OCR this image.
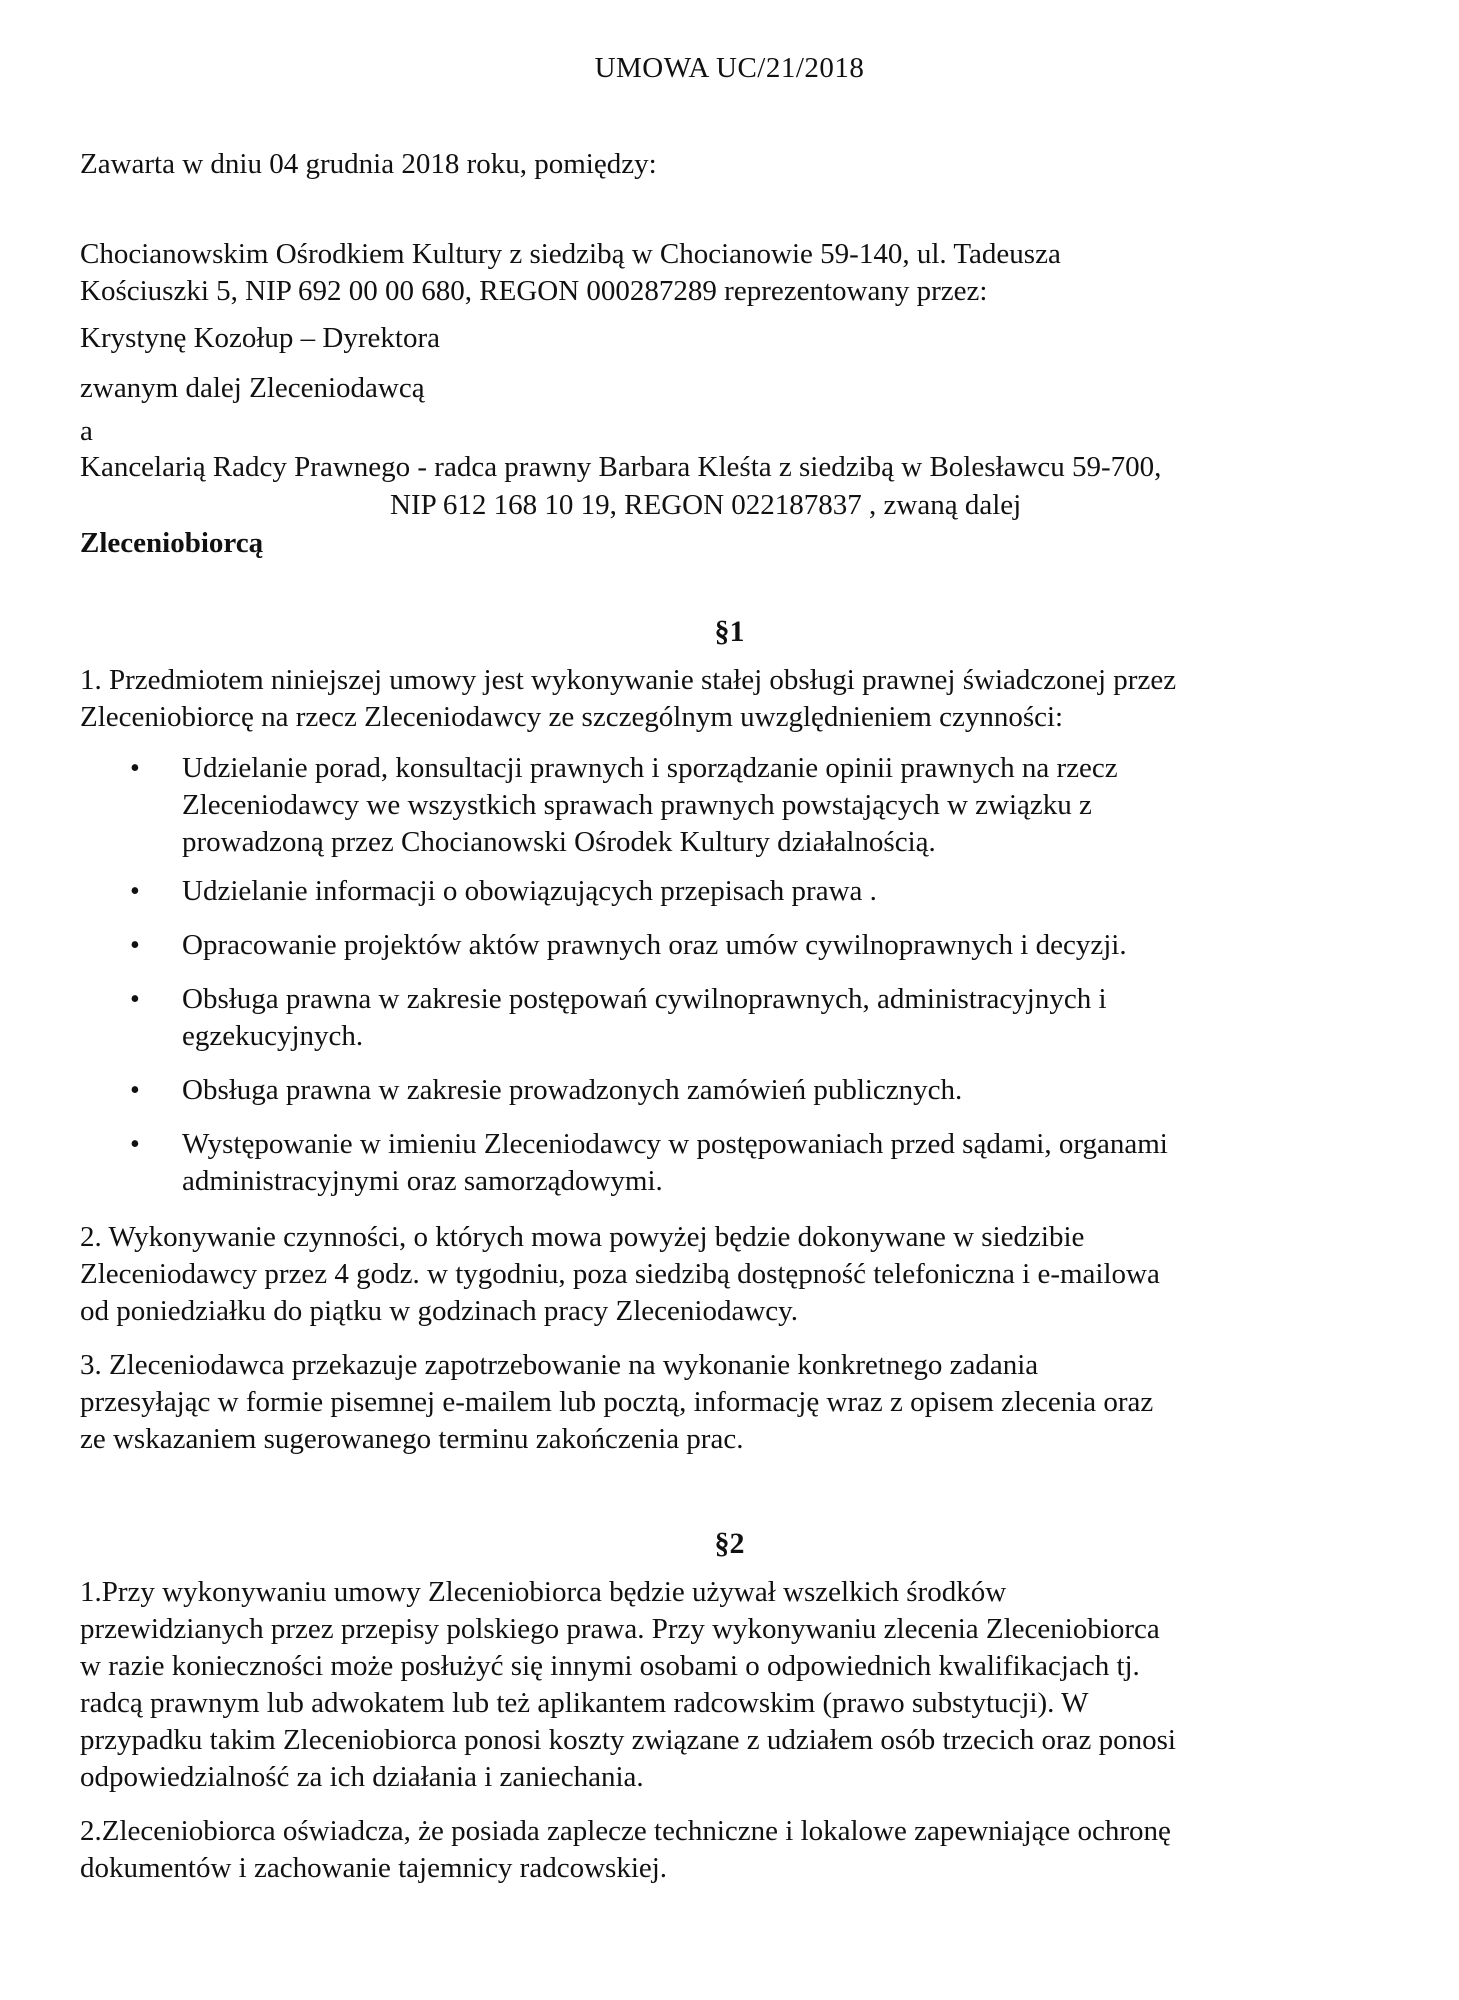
UMOWA UC/21/2018
Zawarta w dniu 04 grudnia 2018 roku, pomiędzy:
Chocianowskim Ośrodkiem Kultury z siedzibą w Chocianowie 59-140, ul. Tadeusza
Kościuszki 5, NIP 692 00 00 680, REGON 000287289 reprezentowany przez:
Krystynę Kozołup – Dyrektora
zwanym dalej Zleceniodawcą
a
Kancelarią Radcy Prawnego - radca prawny Barbara Kleśta z siedzibą w Bolesławcu 59-700,
NIP 612 168 10 19, REGON 022187837 , zwaną dalej
Zleceniobiorcą
§1
1. Przedmiotem niniejszej umowy jest wykonywanie stałej obsługi prawnej świadczonej przez
Zleceniobiorcę na rzecz Zleceniodawcy ze szczególnym uwzględnieniem czynności:
• Udzielanie porad, konsultacji prawnych i sporządzanie opinii prawnych na rzecz
Zleceniodawcy we wszystkich sprawach prawnych powstających w związku z
prowadzoną przez Chocianowski Ośrodek Kultury działalnością.
• Udzielanie informacji o obowiązujących przepisach prawa .
• Opracowanie projektów aktów prawnych oraz umów cywilnoprawnych i decyzji.
• Obsługa prawna w zakresie postępowań cywilnoprawnych, administracyjnych i
egzekucyjnych.
• Obsługa prawna w zakresie prowadzonych zamówień publicznych.
• Występowanie w imieniu Zleceniodawcy w postępowaniach przed sądami, organami
administracyjnymi oraz samorządowymi.
2. Wykonywanie czynności, o których mowa powyżej będzie dokonywane w siedzibie
Zleceniodawcy przez 4 godz. w tygodniu, poza siedzibą dostępność telefoniczna i e-mailowa
od poniedziałku do piątku w godzinach pracy Zleceniodawcy.
3. Zleceniodawca przekazuje zapotrzebowanie na wykonanie konkretnego zadania
przesyłając w formie pisemnej e-mailem lub pocztą, informację wraz z opisem zlecenia oraz
ze wskazaniem sugerowanego terminu zakończenia prac.
§2
1.Przy wykonywaniu umowy Zleceniobiorca będzie używał wszelkich środków
przewidzianych przez przepisy polskiego prawa. Przy wykonywaniu zlecenia Zleceniobiorca
w razie konieczności może posłużyć się innymi osobami o odpowiednich kwalifikacjach tj.
radcą prawnym lub adwokatem lub też aplikantem radcowskim (prawo substytucji). W
przypadku takim Zleceniobiorca ponosi koszty związane z udziałem osób trzecich oraz ponosi
odpowiedzialność za ich działania i zaniechania.
2.Zleceniobiorca oświadcza, że posiada zaplecze techniczne i lokalowe zapewniające ochronę
dokumentów i zachowanie tajemnicy radcowskiej.
